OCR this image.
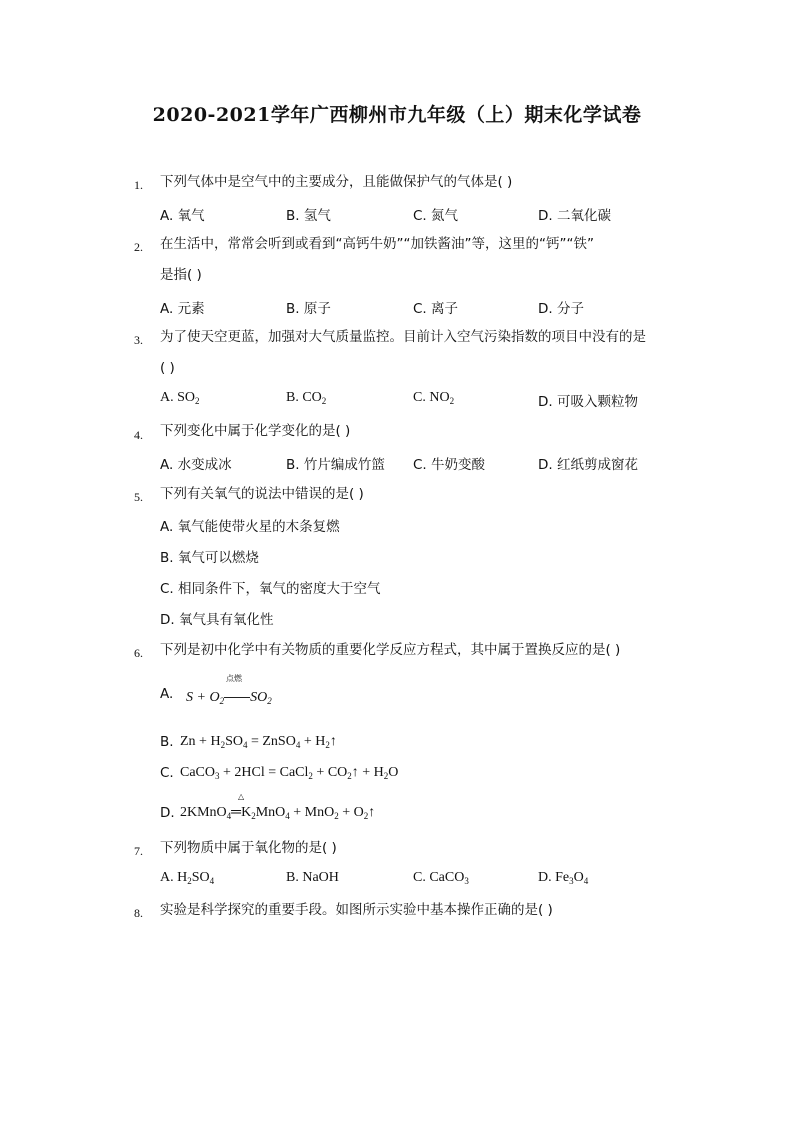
2020-2021学年广西柳州市九年级（上）期末化学试卷
1. 下列气体中是空气中的主要成分，且能做保护气的气体是( )
A. 氧气	B. 氢气	C. 氮气	D. 二氧化碳
2. 在生活中，常常会听到或看到“高钙牛奶”“加铁酱油”等，这里的“钙”“铁”
是指( )
A. 元素	B. 原子	C. 离子	D. 分子
3. 为了使天空更蓝，加强对大气质量监控。目前计入空气污染指数的项目中没有的是
( )
A. $SO_2$	B. $CO_2$	C. $NO_2$	D. 可吸入颗粒物
4. 下列变化中属于化学变化的是( )
A. 水变成冰	B. 竹片编成竹篮 C. 牛奶变酸	D. 红纸剪成窗花
5. 下列有关氧气的说法中错误的是( )
A. 氧气能使带火星的木条复燃
B. 氧气可以燃烧
C. 相同条件下，氧气的密度大于空气
D. 氧气具有氧化性
6. 下列是初中化学中有关物质的重要化学反应方程式，其中属于置换反应的是( )
A. $S + O_2$ $SO_2$
点燃
B. $Zn + H_2SO_4$ = ZnSO$_4$ + $H_2↑$
C. CaCO$_3$ + 2HCl = CaCl$_2$ + $CO_2↑ + H_2O$
D. $2KMnO_4═K_2MnO_4 + MnO_2$ + $O_2↑$
△
7. 下列物质中属于氧化物的是( )
A. $H_2SO_4$	B. NaOH	C. CaCO$_3$	D. $Fe_3O_4$
8. 实验是科学探究的重要手段。如图所示实验中基本操作正确的是( )
